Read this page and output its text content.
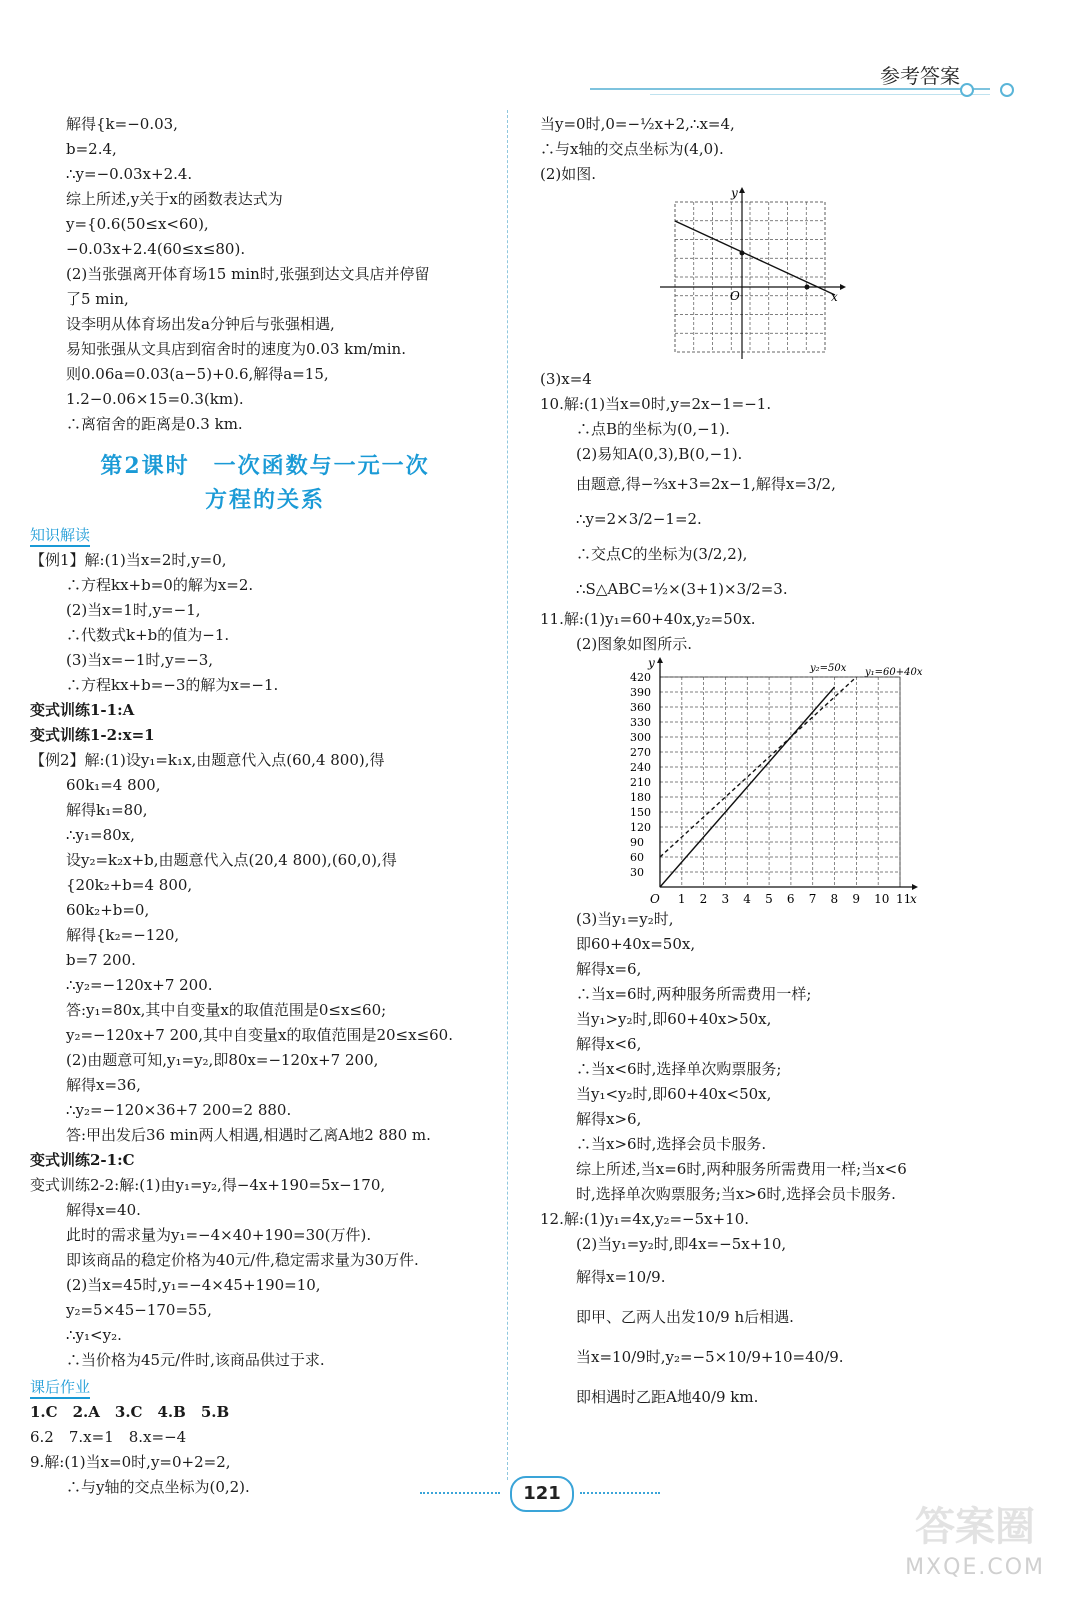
参考答案
解得{k=−0.03,
b=2.4,
∴y=−0.03x+2.4.
综上所述,y关于x的函数表达式为
y={0.6(50≤x<60),
−0.03x+2.4(60≤x≤80).
(2)当张强离开体育场15 min时,张强到达文具店并停留
了5 min,
设李明从体育场出发a分钟后与张强相遇,
易知张强从文具店到宿舍时的速度为0.03 km/min.
则0.06a=0.03(a−5)+0.6,解得a=15,
1.2−0.06×15=0.3(km).
∴离宿舍的距离是0.3 km.
第2课时　一次函数与一元一次
方程的关系
知识解读
【例1】解:(1)当x=2时,y=0,
∴方程kx+b=0的解为x=2.
(2)当x=1时,y=−1,
∴代数式k+b的值为−1.
(3)当x=−1时,y=−3,
∴方程kx+b=−3的解为x=−1.
变式训练1-1:A
变式训练1-2:x=1
【例2】解:(1)设y₁=k₁x,由题意代入点(60,4 800),得
60k₁=4 800,
解得k₁=80,
∴y₁=80x,
设y₂=k₂x+b,由题意代入点(20,4 800),(60,0),得
{20k₂+b=4 800,
60k₂+b=0,
解得{k₂=−120,
b=7 200.
∴y₂=−120x+7 200.
答:y₁=80x,其中自变量x的取值范围是0≤x≤60;
y₂=−120x+7 200,其中自变量x的取值范围是20≤x≤60.
(2)由题意可知,y₁=y₂,即80x=−120x+7 200,
解得x=36,
∴y₂=−120×36+7 200=2 880.
答:甲出发后36 min两人相遇,相遇时乙离A地2 880 m.
变式训练2-1:C
变式训练2-2:解:(1)由y₁=y₂,得−4x+190=5x−170,
解得x=40.
此时的需求量为y₁=−4×40+190=30(万件).
即该商品的稳定价格为40元/件,稳定需求量为30万件.
(2)当x=45时,y₁=−4×45+190=10,
y₂=5×45−170=55,
∴y₁<y₂.
∴当价格为45元/件时,该商品供过于求.
课后作业
1.C　2.A　3.C　4.B　5.B
6.2　7.x=1　8.x=−4
9.解:(1)当x=0时,y=0+2=2,
∴与y轴的交点坐标为(0,2).
当y=0时,0=−½x+2,∴x=4,
∴与x轴的交点坐标为(4,0).
(2)如图.
x
y
O
(3)x=4
10.解:(1)当x=0时,y=2x−1=−1.
∴点B的坐标为(0,−1).
(2)易知A(0,3),B(0,−1).
由题意,得−⅔x+3=2x−1,解得x=3/2,
∴y=2×3/2−1=2.
∴交点C的坐标为(3/2,2),
∴S△ABC=½×(3+1)×3/2=3.
11.解:(1)y₁=60+40x,y₂=50x.
(2)图象如图所示.
1 2 3 4 5 6 7 8 9 10 11
30
60
90
120
150
180
210
240
270
300
330
360
390
420
x
y
O
y₂=50x y₁=60+40x
(3)当y₁=y₂时,
即60+40x=50x,
解得x=6,
∴当x=6时,两种服务所需费用一样;
当y₁>y₂时,即60+40x>50x,
解得x<6,
∴当x<6时,选择单次购票服务;
当y₁<y₂时,即60+40x<50x,
解得x>6,
∴当x>6时,选择会员卡服务.
综上所述,当x=6时,两种服务所需费用一样;当x<6
时,选择单次购票服务;当x>6时,选择会员卡服务.
12.解:(1)y₁=4x,y₂=−5x+10.
(2)当y₁=y₂时,即4x=−5x+10,
解得x=10/9.
即甲、乙两人出发10/9 h后相遇.
当x=10/9时,y₂=−5×10/9+10=40/9.
即相遇时乙距A地40/9 km.
121
答案圈
MXQE.COM
